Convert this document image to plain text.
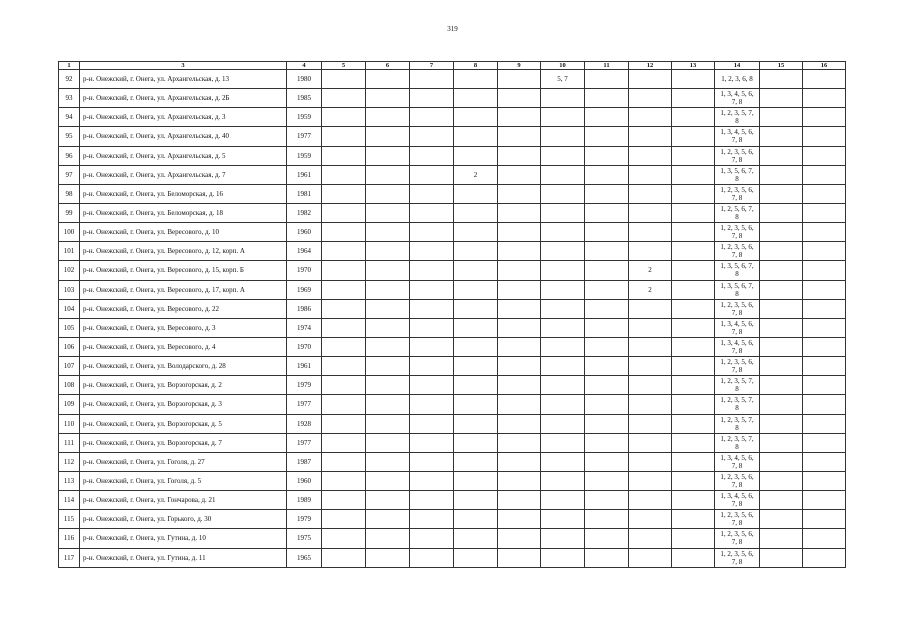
319
1	3	4	5	6	7	8	9	10	11	12	13	14	15	16
92	р-н. Онежский, г. Онега, ул. Архангельская, д. 13	1980						5, 7				1, 2, 3, 6, 8		
93	р-н. Онежский, г. Онега, ул. Архангельская, д. 2Б	1985										1, 3, 4, 5, 6, 7, 8		
94	р-н. Онежский, г. Онега, ул. Архангельская, д. 3	1959										1, 2, 3, 5, 7, 8		
95	р-н. Онежский, г. Онега, ул. Архангельская, д. 40	1977										1, 3, 4, 5, 6, 7, 8		
96	р-н. Онежский, г. Онега, ул. Архангельская, д. 5	1959										1, 2, 3, 5, 6, 7, 8		
97	р-н. Онежский, г. Онега, ул. Архангельская, д. 7	1961				2						1, 3, 5, 6, 7, 8		
98	р-н. Онежский, г. Онега, ул. Беломорская, д. 16	1981										1, 2, 3, 5, 6, 7, 8		
99	р-н. Онежский, г. Онега, ул. Беломорская, д. 18	1982										1, 2, 5, 6, 7, 8		
100	р-н. Онежский, г. Онега, ул. Вересового, д. 10	1960										1, 2, 3, 5, 6, 7, 8		
101	р-н. Онежский, г. Онега, ул. Вересового, д. 12, корп. А	1964										1, 2, 3, 5, 6, 7, 8		
102	р-н. Онежский, г. Онега, ул. Вересового, д. 15, корп. Б	1970								2		1, 3, 5, 6, 7, 8		
103	р-н. Онежский, г. Онега, ул. Вересового, д. 17, корп. А	1969								2		1, 3, 5, 6, 7, 8		
104	р-н. Онежский, г. Онега, ул. Вересового, д. 22	1986										1, 2, 3, 5, 6, 7, 8		
105	р-н. Онежский, г. Онега, ул. Вересового, д. 3	1974										1, 3, 4, 5, 6, 7, 8		
106	р-н. Онежский, г. Онега, ул. Вересового, д. 4	1970										1, 3, 4, 5, 6, 7, 8		
107	р-н. Онежский, г. Онега, ул. Володарского, д. 28	1961										1, 2, 3, 5, 6, 7, 8		
108	р-н. Онежский, г. Онега, ул. Ворзогорская, д. 2	1979										1, 2, 3, 5, 7, 8		
109	р-н. Онежский, г. Онега, ул. Ворзогорская, д. 3	1977										1, 2, 3, 5, 7, 8		
110	р-н. Онежский, г. Онега, ул. Ворзогорская, д. 5	1928										1, 2, 3, 5, 7, 8		
111	р-н. Онежский, г. Онега, ул. Ворзогорская, д. 7	1977										1, 2, 3, 5, 7, 8		
112	р-н. Онежский, г. Онега, ул. Гоголя, д. 27	1987										1, 3, 4, 5, 6, 7, 8		
113	р-н. Онежский, г. Онега, ул. Гоголя, д. 5	1960										1, 2, 3, 5, 6, 7, 8		
114	р-н. Онежский, г. Онега, ул. Гончарова, д. 21	1989										1, 3, 4, 5, 6, 7, 8		
115	р-н. Онежский, г. Онега, ул. Горького, д. 30	1979										1, 2, 3, 5, 6, 7, 8		
116	р-н. Онежский, г. Онега, ул. Гутина, д. 10	1975										1, 2, 3, 5, 6, 7, 8		
117	р-н. Онежский, г. Онега, ул. Гутина, д. 11	1965										1, 2, 3, 5, 6, 7, 8		
